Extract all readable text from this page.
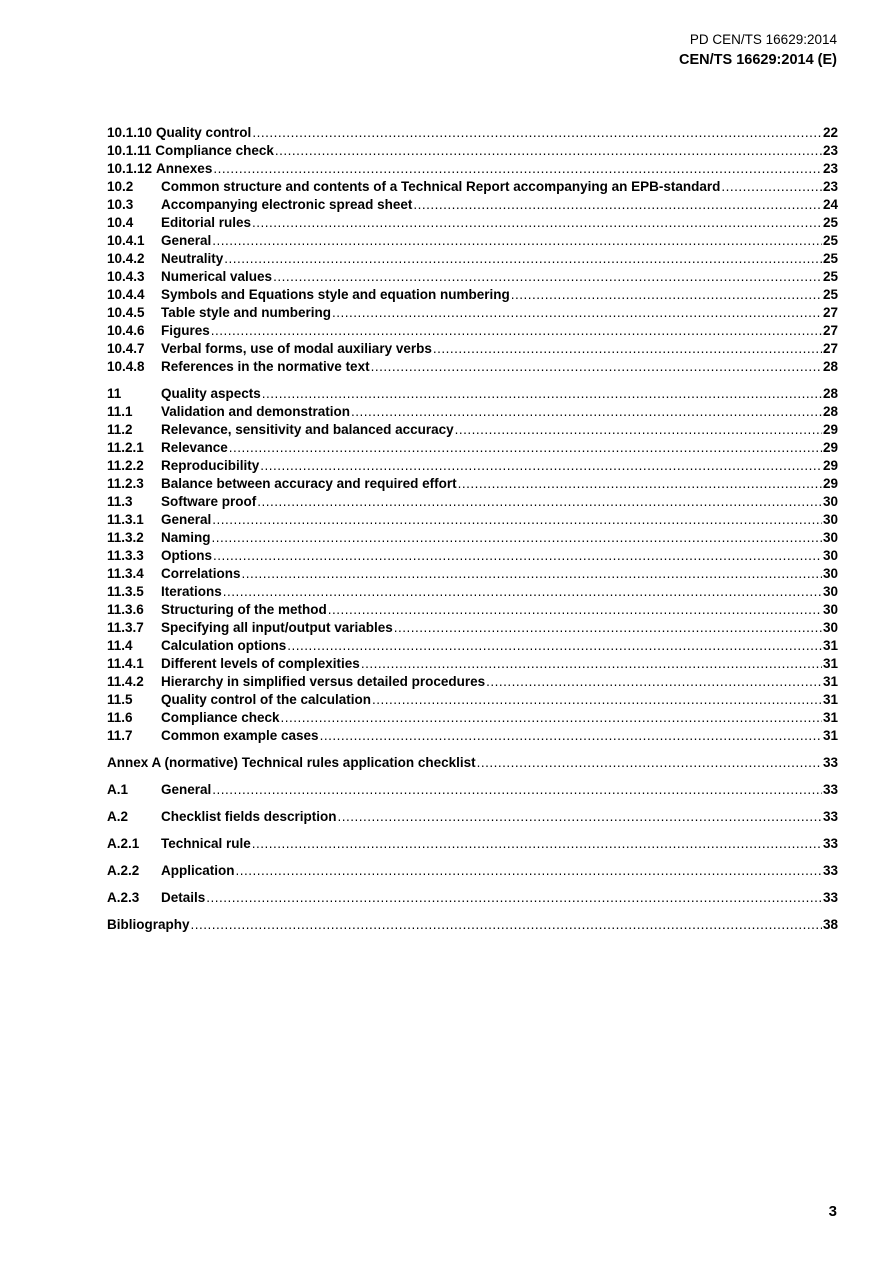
PD CEN/TS 16629:2014
CEN/TS 16629:2014 (E)
10.1.10 Quality control .....	22
10.1.11 Compliance check .....	23
10.1.12 Annexes .....	23
10.2	Common structure and contents of a Technical Report accompanying an EPB-standard .....	23
10.3	Accompanying electronic spread sheet .....	24
10.4	Editorial rules .....	25
10.4.1	General .....	25
10.4.2	Neutrality .....	25
10.4.3	Numerical values .....	25
10.4.4	Symbols and Equations style and equation numbering .....	25
10.4.5	Table style and numbering .....	27
10.4.6	Figures .....	27
10.4.7	Verbal forms, use of modal auxiliary verbs .....	27
10.4.8	References in the normative text .....	28
11	Quality aspects .....	28
11.1	Validation and demonstration .....	28
11.2	Relevance, sensitivity and balanced accuracy .....	29
11.2.1	Relevance .....	29
11.2.2	Reproducibility .....	29
11.2.3	Balance between accuracy and required effort .....	29
11.3	Software proof .....	30
11.3.1	General .....	30
11.3.2	Naming .....	30
11.3.3	Options .....	30
11.3.4	Correlations .....	30
11.3.5	Iterations .....	30
11.3.6	Structuring of the method .....	30
11.3.7	Specifying all input/output variables .....	30
11.4	Calculation options .....	31
11.4.1	Different levels of complexities .....	31
11.4.2	Hierarchy in simplified versus detailed procedures .....	31
11.5	Quality control of the calculation .....	31
11.6	Compliance check .....	31
11.7	Common example cases .....	31
Annex A (normative) Technical rules application checklist .....	33
A.1	General .....	33
A.2	Checklist fields description .....	33
A.2.1	Technical rule .....	33
A.2.2	Application .....	33
A.2.3	Details .....	33
Bibliography .....	38
3
